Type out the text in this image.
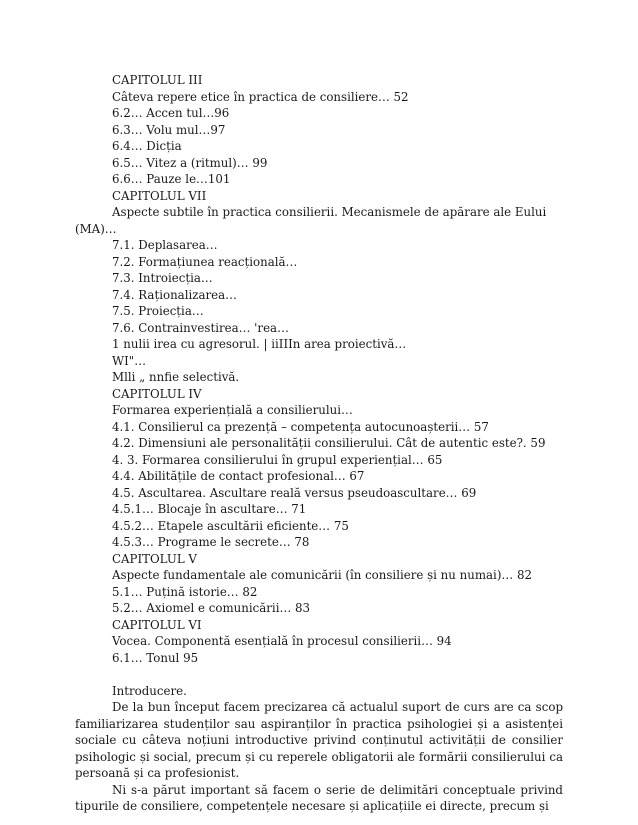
CAPITOLUL III
Câteva repere etice în practica de consiliere… 52
6.2… Accen tul…96
6.3… Volu mul…97
6.4… Dicția
6.5… Vitez a (ritmul)… 99
6.6… Pauze le…101
CAPITOLUL VII
Aspecte subtile în practica consilierii. Mecanismele de apărare ale Eului
(MA)…
7.1. Deplasarea…
7.2. Formațiunea reacțională…
7.3. Introiecția…
7.4. Raționalizarea…
7.5. Proiecția…
7.6. Contrainvestirea… 'rea…
1 nulii irea cu agresorul. | iiIIIn area proiectivă…
WI"…
Mlli „ nnfie selectivă.
CAPITOLUL IV
Formarea experiențială a consilierului…
4.1. Consilierul ca prezență – competența autocunoașterii… 57
4.2. Dimensiuni ale personalității consilierului. Cât de autentic este?. 59
4. 3. Formarea consilierului în grupul experiențial… 65
4.4. Abilitățile de contact profesional… 67
4.5. Ascultarea. Ascultare reală versus pseudoascultare… 69
4.5.1… Blocaje în ascultare… 71
4.5.2… Etapele ascultării eficiente… 75
4.5.3… Programe le secrete… 78
CAPITOLUL V
Aspecte fundamentale ale comunicării (în consiliere și nu numai)… 82
5.1… Puțină istorie… 82
5.2… Axiomel e comunicării… 83
CAPITOLUL VI
Vocea. Componentă esențială în procesul consilierii… 94
6.1… Tonul 95
Introducere.

De la bun început facem precizarea că actualul suport de curs are ca scop familiarizarea studenților sau aspiranților în practica psihologiei și a asistenței sociale cu câteva noțiuni introductive privind conținutul activității de consilier psihologic și social, precum și cu reperele obligatorii ale formării consilierului ca persoană și ca profesionist.

Ni s-a părut important să facem o serie de delimitări conceptuale privind tipurile de consiliere, competențele necesare și aplicațiile ei directe, precum și
